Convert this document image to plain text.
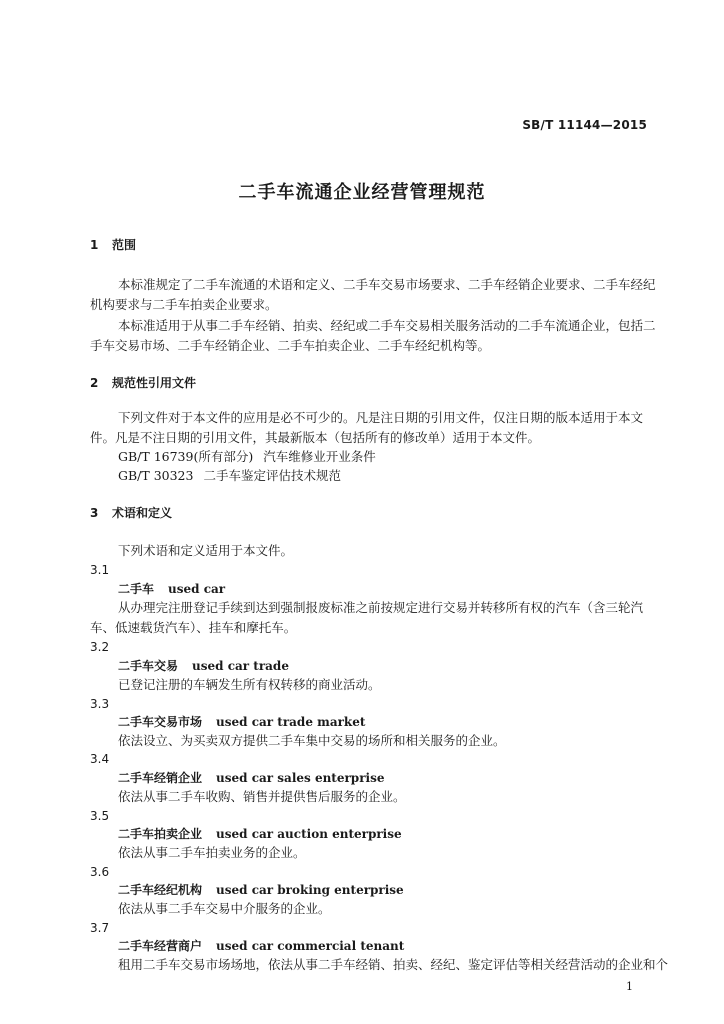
SB/T 11144—2015
二手车流通企业经营管理规范
1 范围
本标准规定了二手车流通的术语和定义、二手车交易市场要求、二手车经销企业要求、二手车经纪
机构要求与二手车拍卖企业要求。
本标准适用于从事二手车经销、拍卖、经纪或二手车交易相关服务活动的二手车流通企业，包括二
手车交易市场、二手车经销企业、二手车拍卖企业、二手车经纪机构等。
2 规范性引用文件
下列文件对于本文件的应用是必不可少的。凡是注日期的引用文件，仅注日期的版本适用于本文
件。凡是不注日期的引用文件，其最新版本（包括所有的修改单）适用于本文件。
GB/T 16739(所有部分) 汽车维修业开业条件
GB/T 30323 二手车鉴定评估技术规范
3 术语和定义
下列术语和定义适用于本文件。
3.1
二手车 used car
从办理完注册登记手续到达到强制报废标准之前按规定进行交易并转移所有权的汽车（含三轮汽
车、低速载货汽车）、挂车和摩托车。
3.2
二手车交易 used car trade
已登记注册的车辆发生所有权转移的商业活动。
3.3
二手车交易市场 used car trade market
依法设立、为买卖双方提供二手车集中交易的场所和相关服务的企业。
3.4
二手车经销企业 used car sales enterprise
依法从事二手车收购、销售并提供售后服务的企业。
3.5
二手车拍卖企业 used car auction enterprise
依法从事二手车拍卖业务的企业。
3.6
二手车经纪机构 used car broking enterprise
依法从事二手车交易中介服务的企业。
3.7
二手车经营商户 used car commercial tenant
租用二手车交易市场场地，依法从事二手车经销、拍卖、经纪、鉴定评估等相关经营活动的企业和个
1
